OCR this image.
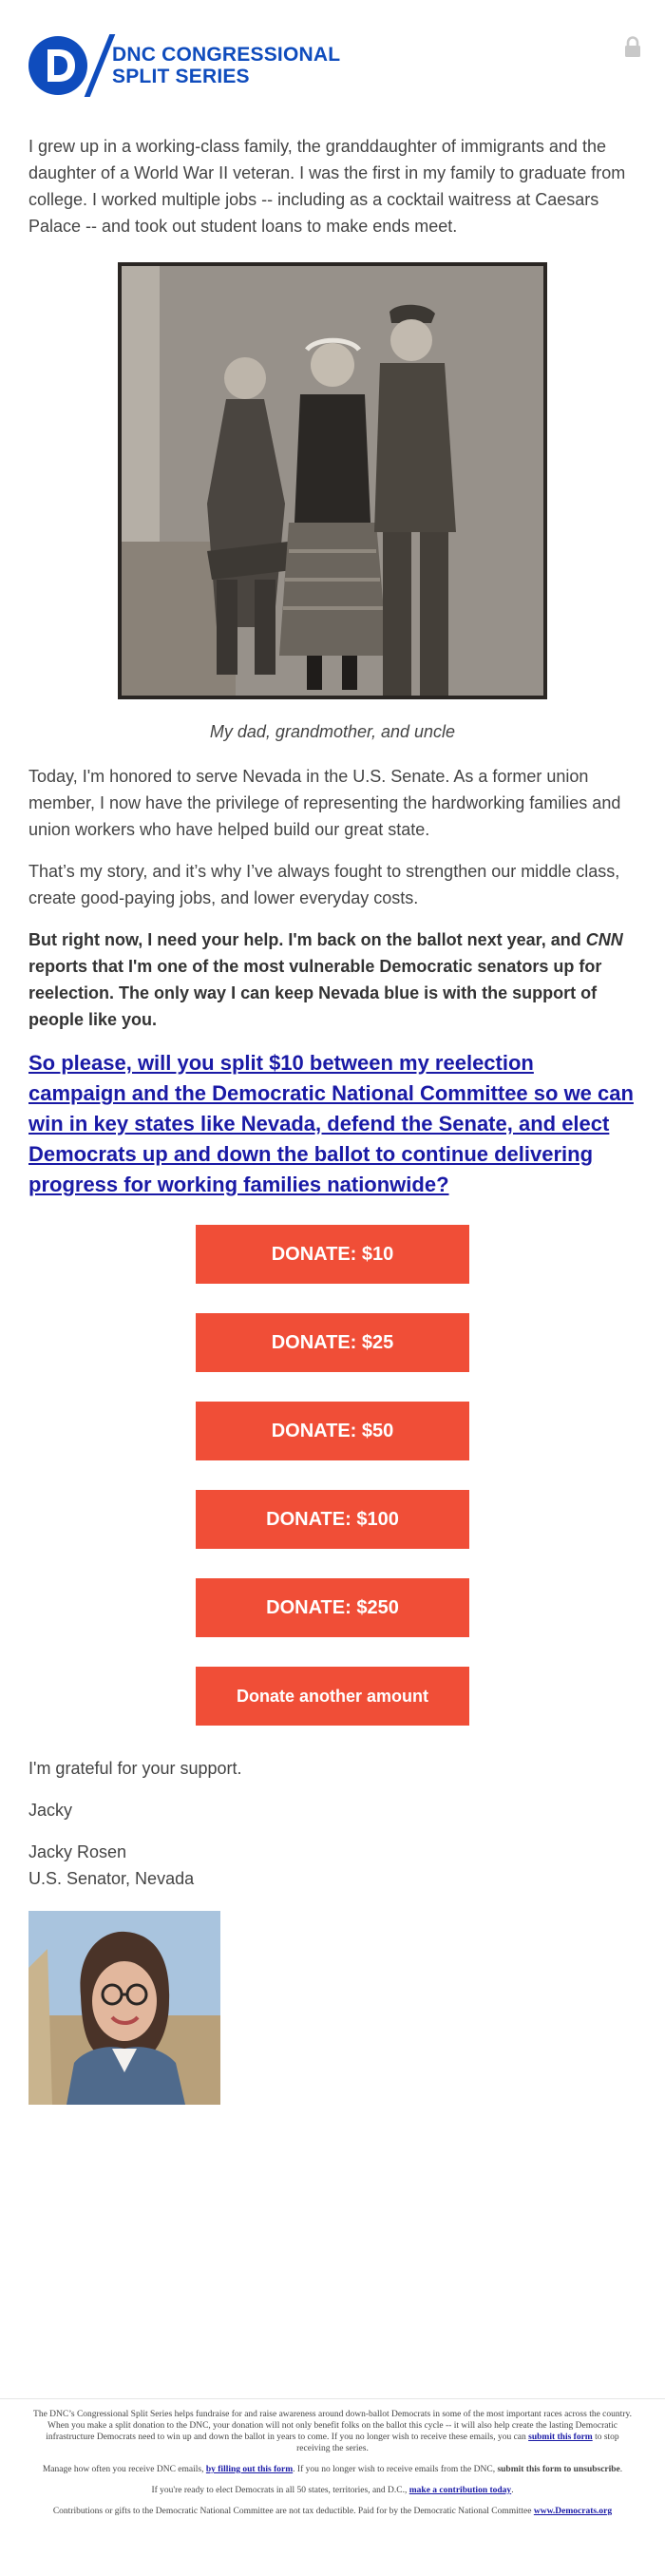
DNC CONGRESSIONAL
SPLIT SERIES

I grew up in a working-class family, the granddaughter of immigrants and the daughter of a World War II veteran. I was the first in my family to graduate from college. I worked multiple jobs -- including as a cocktail waitress at Caesars Palace -- and took out student loans to make ends meet.

My dad, grandmother, and uncle

Today, I'm honored to serve Nevada in the U.S. Senate. As a former union member, I now have the privilege of representing the hardworking families and union workers who have helped build our great state.

That’s my story, and it’s why I’ve always fought to strengthen our middle class, create good-paying jobs, and lower everyday costs.

But right now, I need your help. I'm back on the ballot next year, and CNN reports that I'm one of the most vulnerable Democratic senators up for reelection. The only way I can keep Nevada blue is with the support of people like you.

So please, will you split $10 between my reelection campaign and the Democratic National Committee so we can win in key states like Nevada, defend the Senate, and elect Democrats up and down the ballot to continue delivering progress for working families nationwide?
DONATE: $10
DONATE: $25
DONATE: $50
DONATE: $100
DONATE: $250
Donate another amount

I'm grateful for your support.

Jacky

Jacky Rosen
U.S. Senator, Nevada

The DNC’s Congressional Split Series helps fundraise for and raise awareness around down-ballot Democrats in some of the most important races across the country. When you make a split donation to the DNC, your donation will not only benefit folks on the ballot this cycle -- it will also help create the lasting Democratic infrastructure Democrats need to win up and down the ballot in years to come. If you no longer wish to receive these emails, you can submit this form to stop receiving the series.

Manage how often you receive DNC emails, by filling out this form. If you no longer wish to receive emails from the DNC, submit this form to unsubscribe.

If you're ready to elect Democrats in all 50 states, territories, and D.C., make a contribution today.

Contributions or gifts to the Democratic National Committee are not tax deductible. Paid for by the Democratic National Committee www.Democrats.org
